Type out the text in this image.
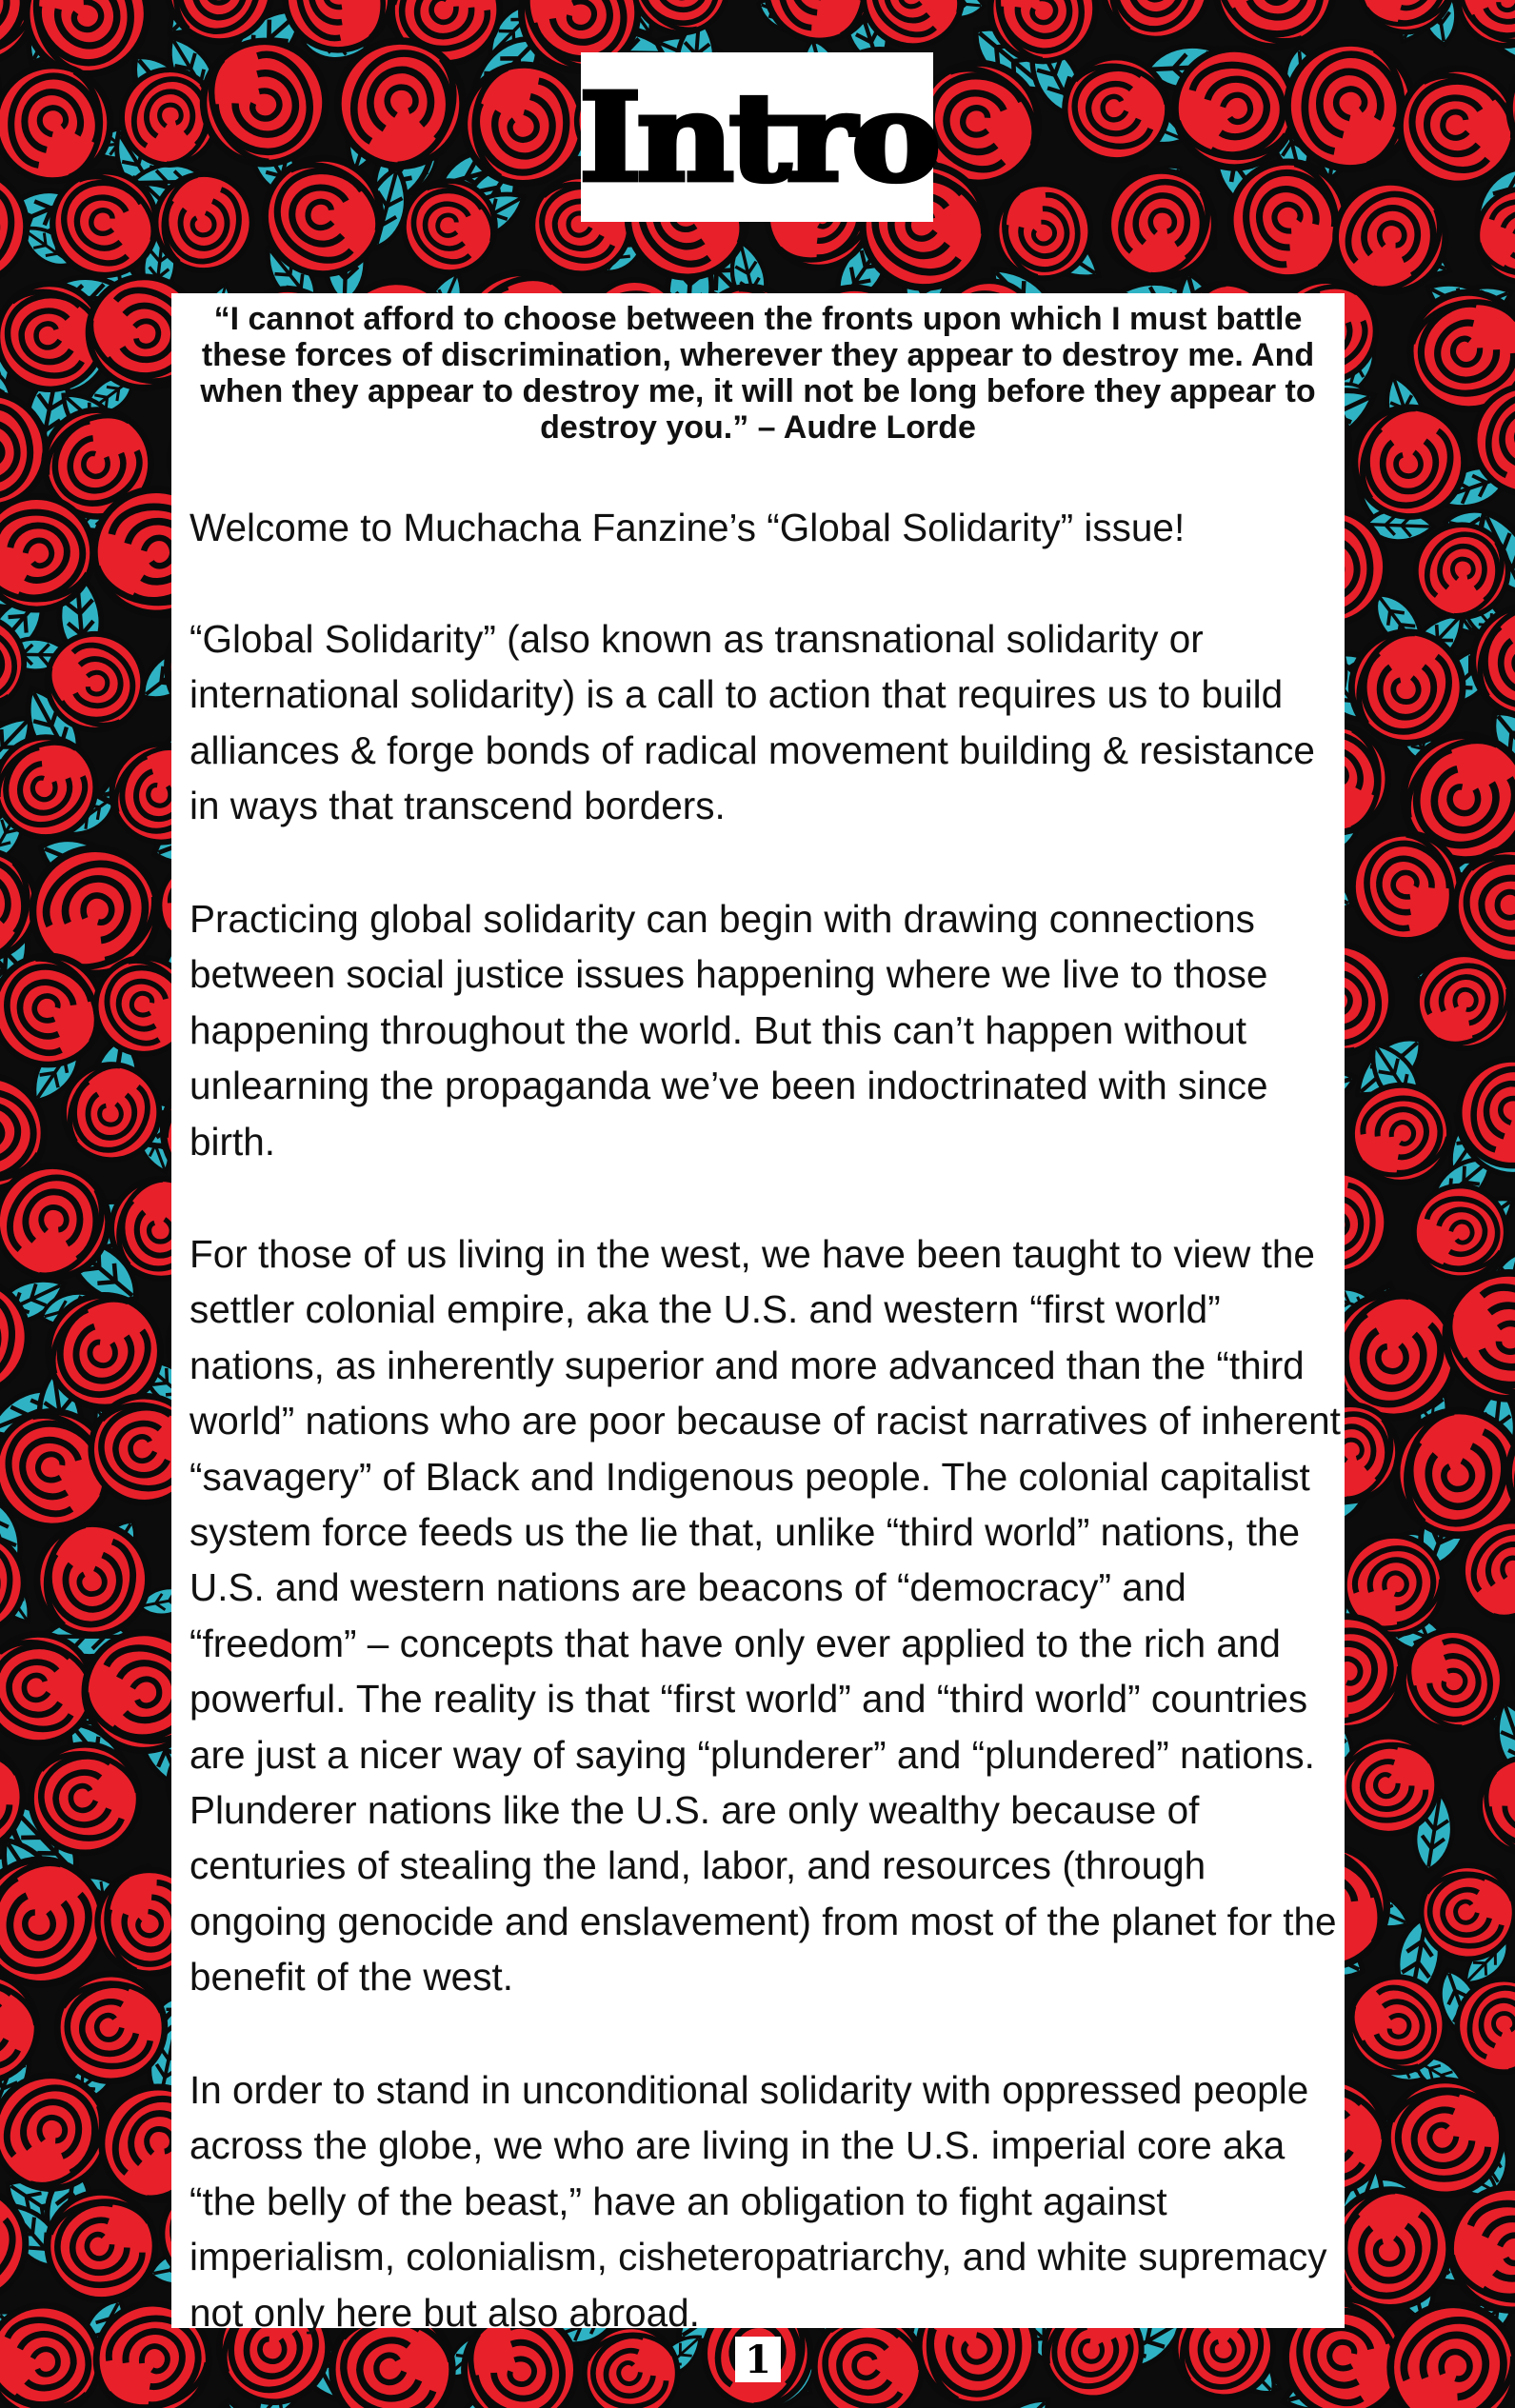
Intro

“I cannot afford to choose between the fronts upon which I must battle these forces of discrimination, wherever they appear to destroy me. And when they appear to destroy me, it will not be long before they appear to destroy you.” – Audre Lorde

Welcome to Muchacha Fanzine’s “Global Solidarity” issue!

“Global Solidarity” (also known as transnational solidarity or international solidarity) is a call to action that requires us to build alliances & forge bonds of radical movement building & resistance in ways that transcend borders.

Practicing global solidarity can begin with drawing connections between social justice issues happening where we live to those happening throughout the world. But this can’t happen without unlearning the propaganda we’ve been indoctrinated with since birth.

For those of us living in the west, we have been taught to view the settler colonial empire, aka the U.S. and western “first world” nations, as inherently superior and more advanced than the “third world” nations who are poor because of racist narratives of inherent “savagery” of Black and Indigenous people. The colonial capitalist system force feeds us the lie that, unlike “third world” nations, the U.S. and western nations are beacons of “democracy” and “freedom” – concepts that have only ever applied to the rich and powerful. The reality is that “first world” and “third world” countries are just a nicer way of saying “plunderer” and “plundered” nations. Plunderer nations like the U.S. are only wealthy because of centuries of stealing the land, labor, and resources (through ongoing genocide and enslavement) from most of the planet for the benefit of the west.

In order to stand in unconditional solidarity with oppressed people across the globe, we who are living in the U.S. imperial core aka “the belly of the beast,” have an obligation to fight against imperialism, colonialism, cisheteropatriarchy, and white supremacy not only here but also abroad.

1
